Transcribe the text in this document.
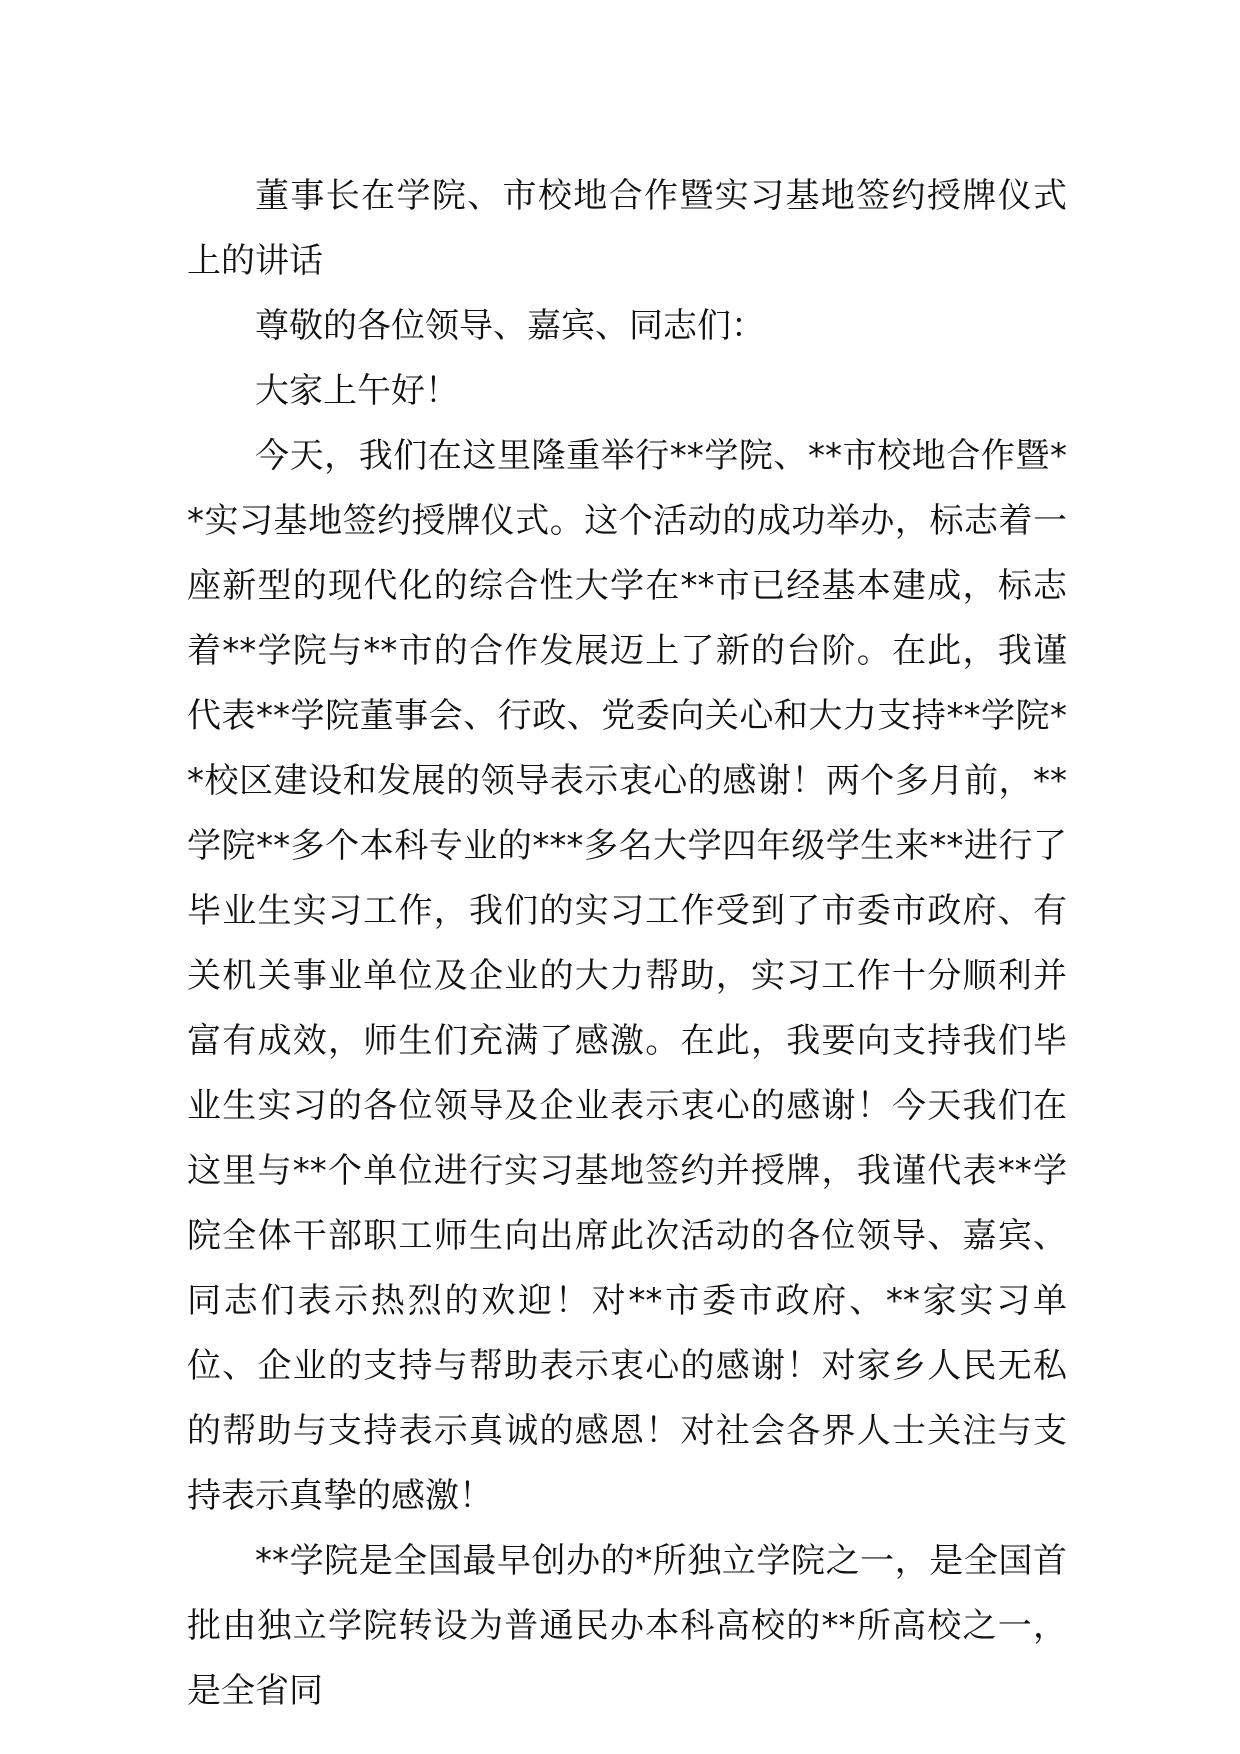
董事长在学院、市校地合作暨实习基地签约授牌仪式上的讲话

尊敬的各位领导、嘉宾、同志们：

大家上午好！

今天，我们在这里隆重举行**学院、**市校地合作暨**实习基地签约授牌仪式。这个活动的成功举办，标志着一座新型的现代化的综合性大学在**市已经基本建成，标志着**学院与**市的合作发展迈上了新的台阶。在此，我谨代表**学院董事会、行政、党委向关心和大力支持**学院**校区建设和发展的领导表示衷心的感谢！两个多月前，**学院**多个本科专业的***多名大学四年级学生来**进行了毕业生实习工作，我们的实习工作受到了市委市政府、有关机关事业单位及企业的大力帮助，实习工作十分顺利并富有成效，师生们充满了感激。在此，我要向支持我们毕业生实习的各位领导及企业表示衷心的感谢！今天我们在这里与**个单位进行实习基地签约并授牌，我谨代表**学院全体干部职工师生向出席此次活动的各位领导、嘉宾、同志们表示热烈的欢迎！对**市委市政府、**家实习单位、企业的支持与帮助表示衷心的感谢！对家乡人民无私的帮助与支持表示真诚的感恩！对社会各界人士关注与支持表示真挚的感激！

**学院是全国最早创办的*所独立学院之一，是全国首批由独立学院转设为普通民办本科高校的**所高校之一，是全省同
